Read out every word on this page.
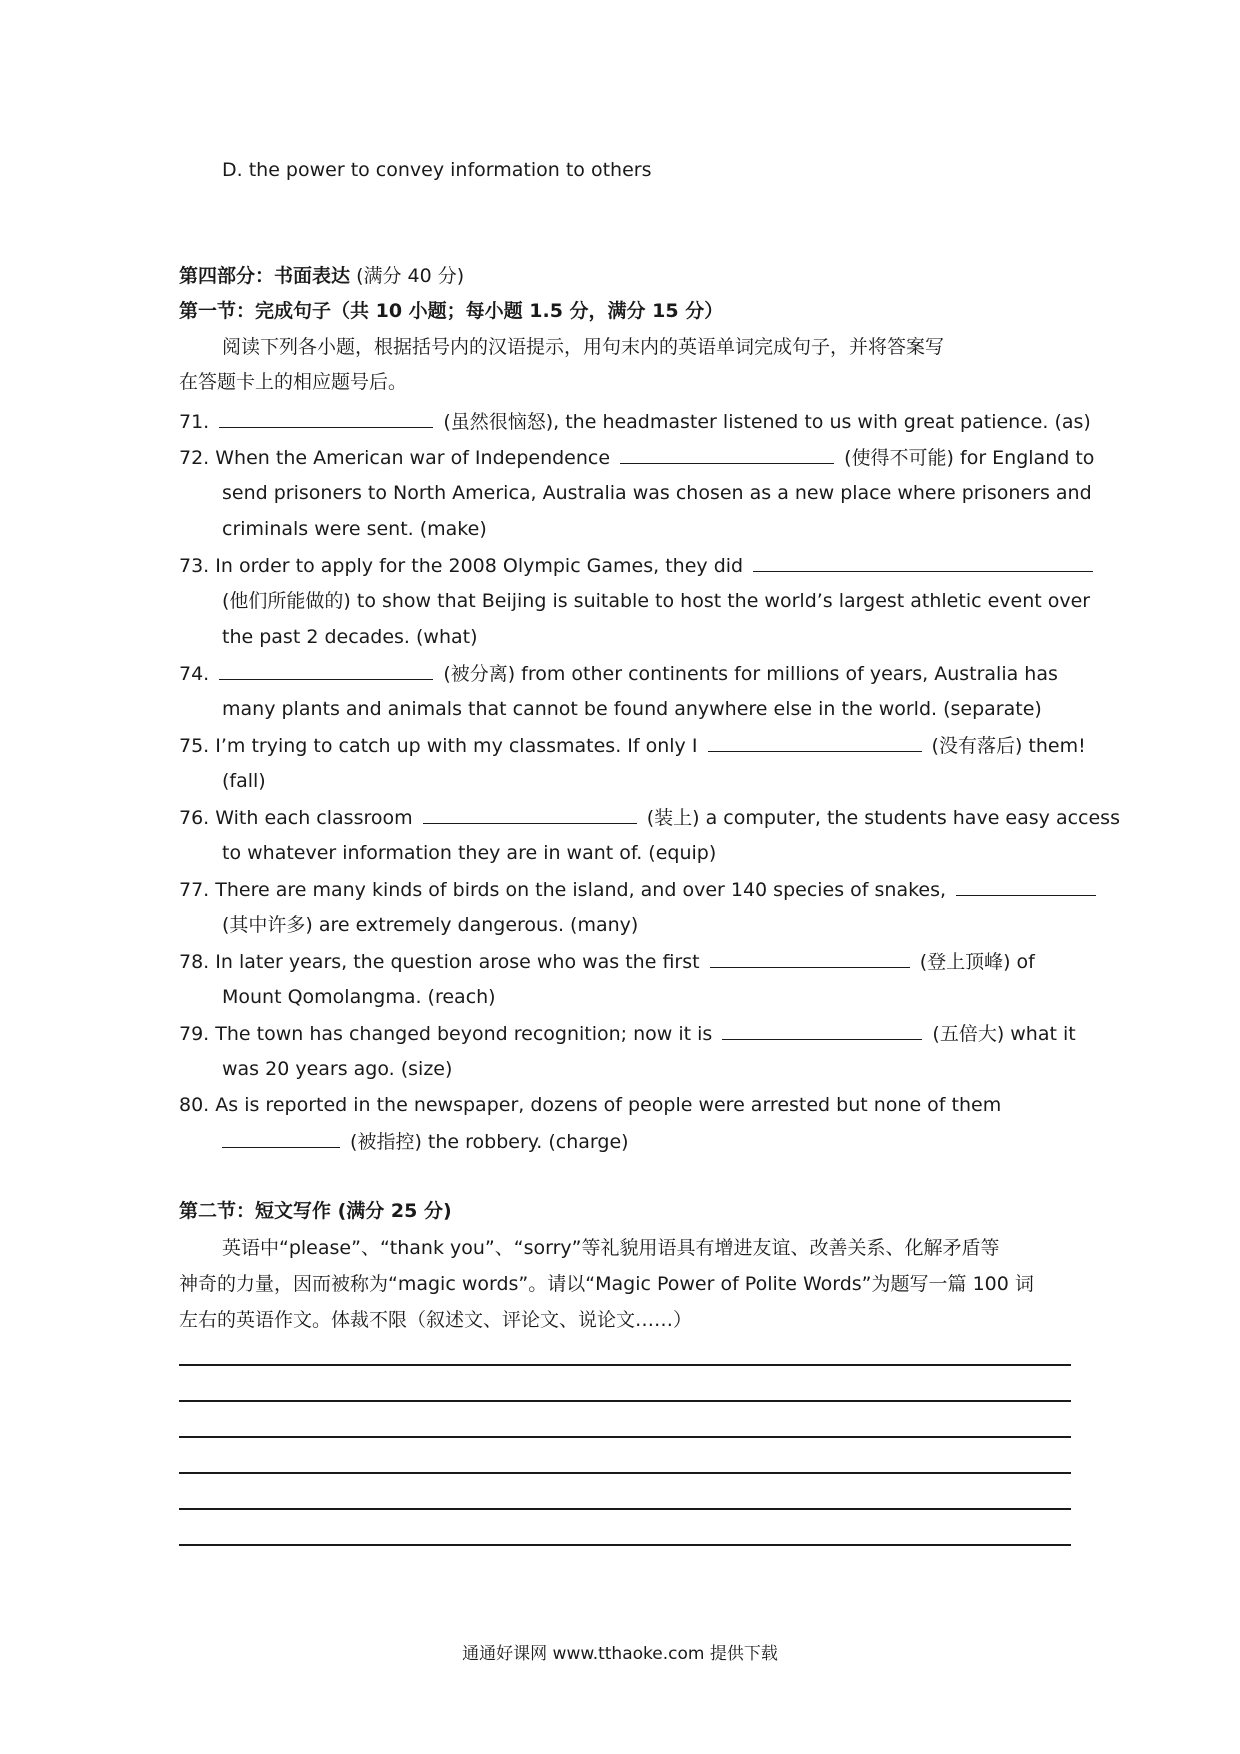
D. the power to convey information to others
第四部分：书面表达 (满分 40 分)
第一节：完成句子（共 10 小题；每小题 1.5 分，满分 15 分）
阅读下列各小题，根据括号内的汉语提示，用句末内的英语单词完成句子，并将答案写
在答题卡上的相应题号后。
71.	(虽然很恼怒), the headmaster listened to us with great patience. (as)
72. When the American war of Independence	(使得不可能) for England to
send prisoners to North America, Australia was chosen as a new place where prisoners and
criminals were sent. (make)
73. In order to apply for the 2008 Olympic Games, they did
(他们所能做的) to show that Beijing is suitable to host the world’s largest athletic event over
the past 2 decades. (what)
74.	(被分离) from other continents for millions of years, Australia has
many plants and animals that cannot be found anywhere else in the world. (separate)
75. I’m trying to catch up with my classmates. If only I	(没有落后) them!
(fall)
76. With each classroom	(装上) a computer, the students have easy access
to whatever information they are in want of. (equip)
77. There are many kinds of birds on the island, and over 140 species of snakes,
(其中许多) are extremely dangerous. (many)
78. In later years, the question arose who was the first	(登上顶峰) of
Mount Qomolangma. (reach)
79. The town has changed beyond recognition; now it is	(五倍大) what it
was 20 years ago. (size)
80. As is reported in the newspaper, dozens of people were arrested but none of them
(被指控) the robbery. (charge)
第二节：短文写作 (满分 25 分)
英语中“please”、“thank you”、“sorry”等礼貌用语具有增进友谊、改善关系、化解矛盾等
神奇的力量，因而被称为“magic words”。请以“Magic Power of Polite Words”为题写一篇 100 词
左右的英语作文。体裁不限（叙述文、评论文、说论文……）
通通好课网 www.tthaoke.com 提供下载
